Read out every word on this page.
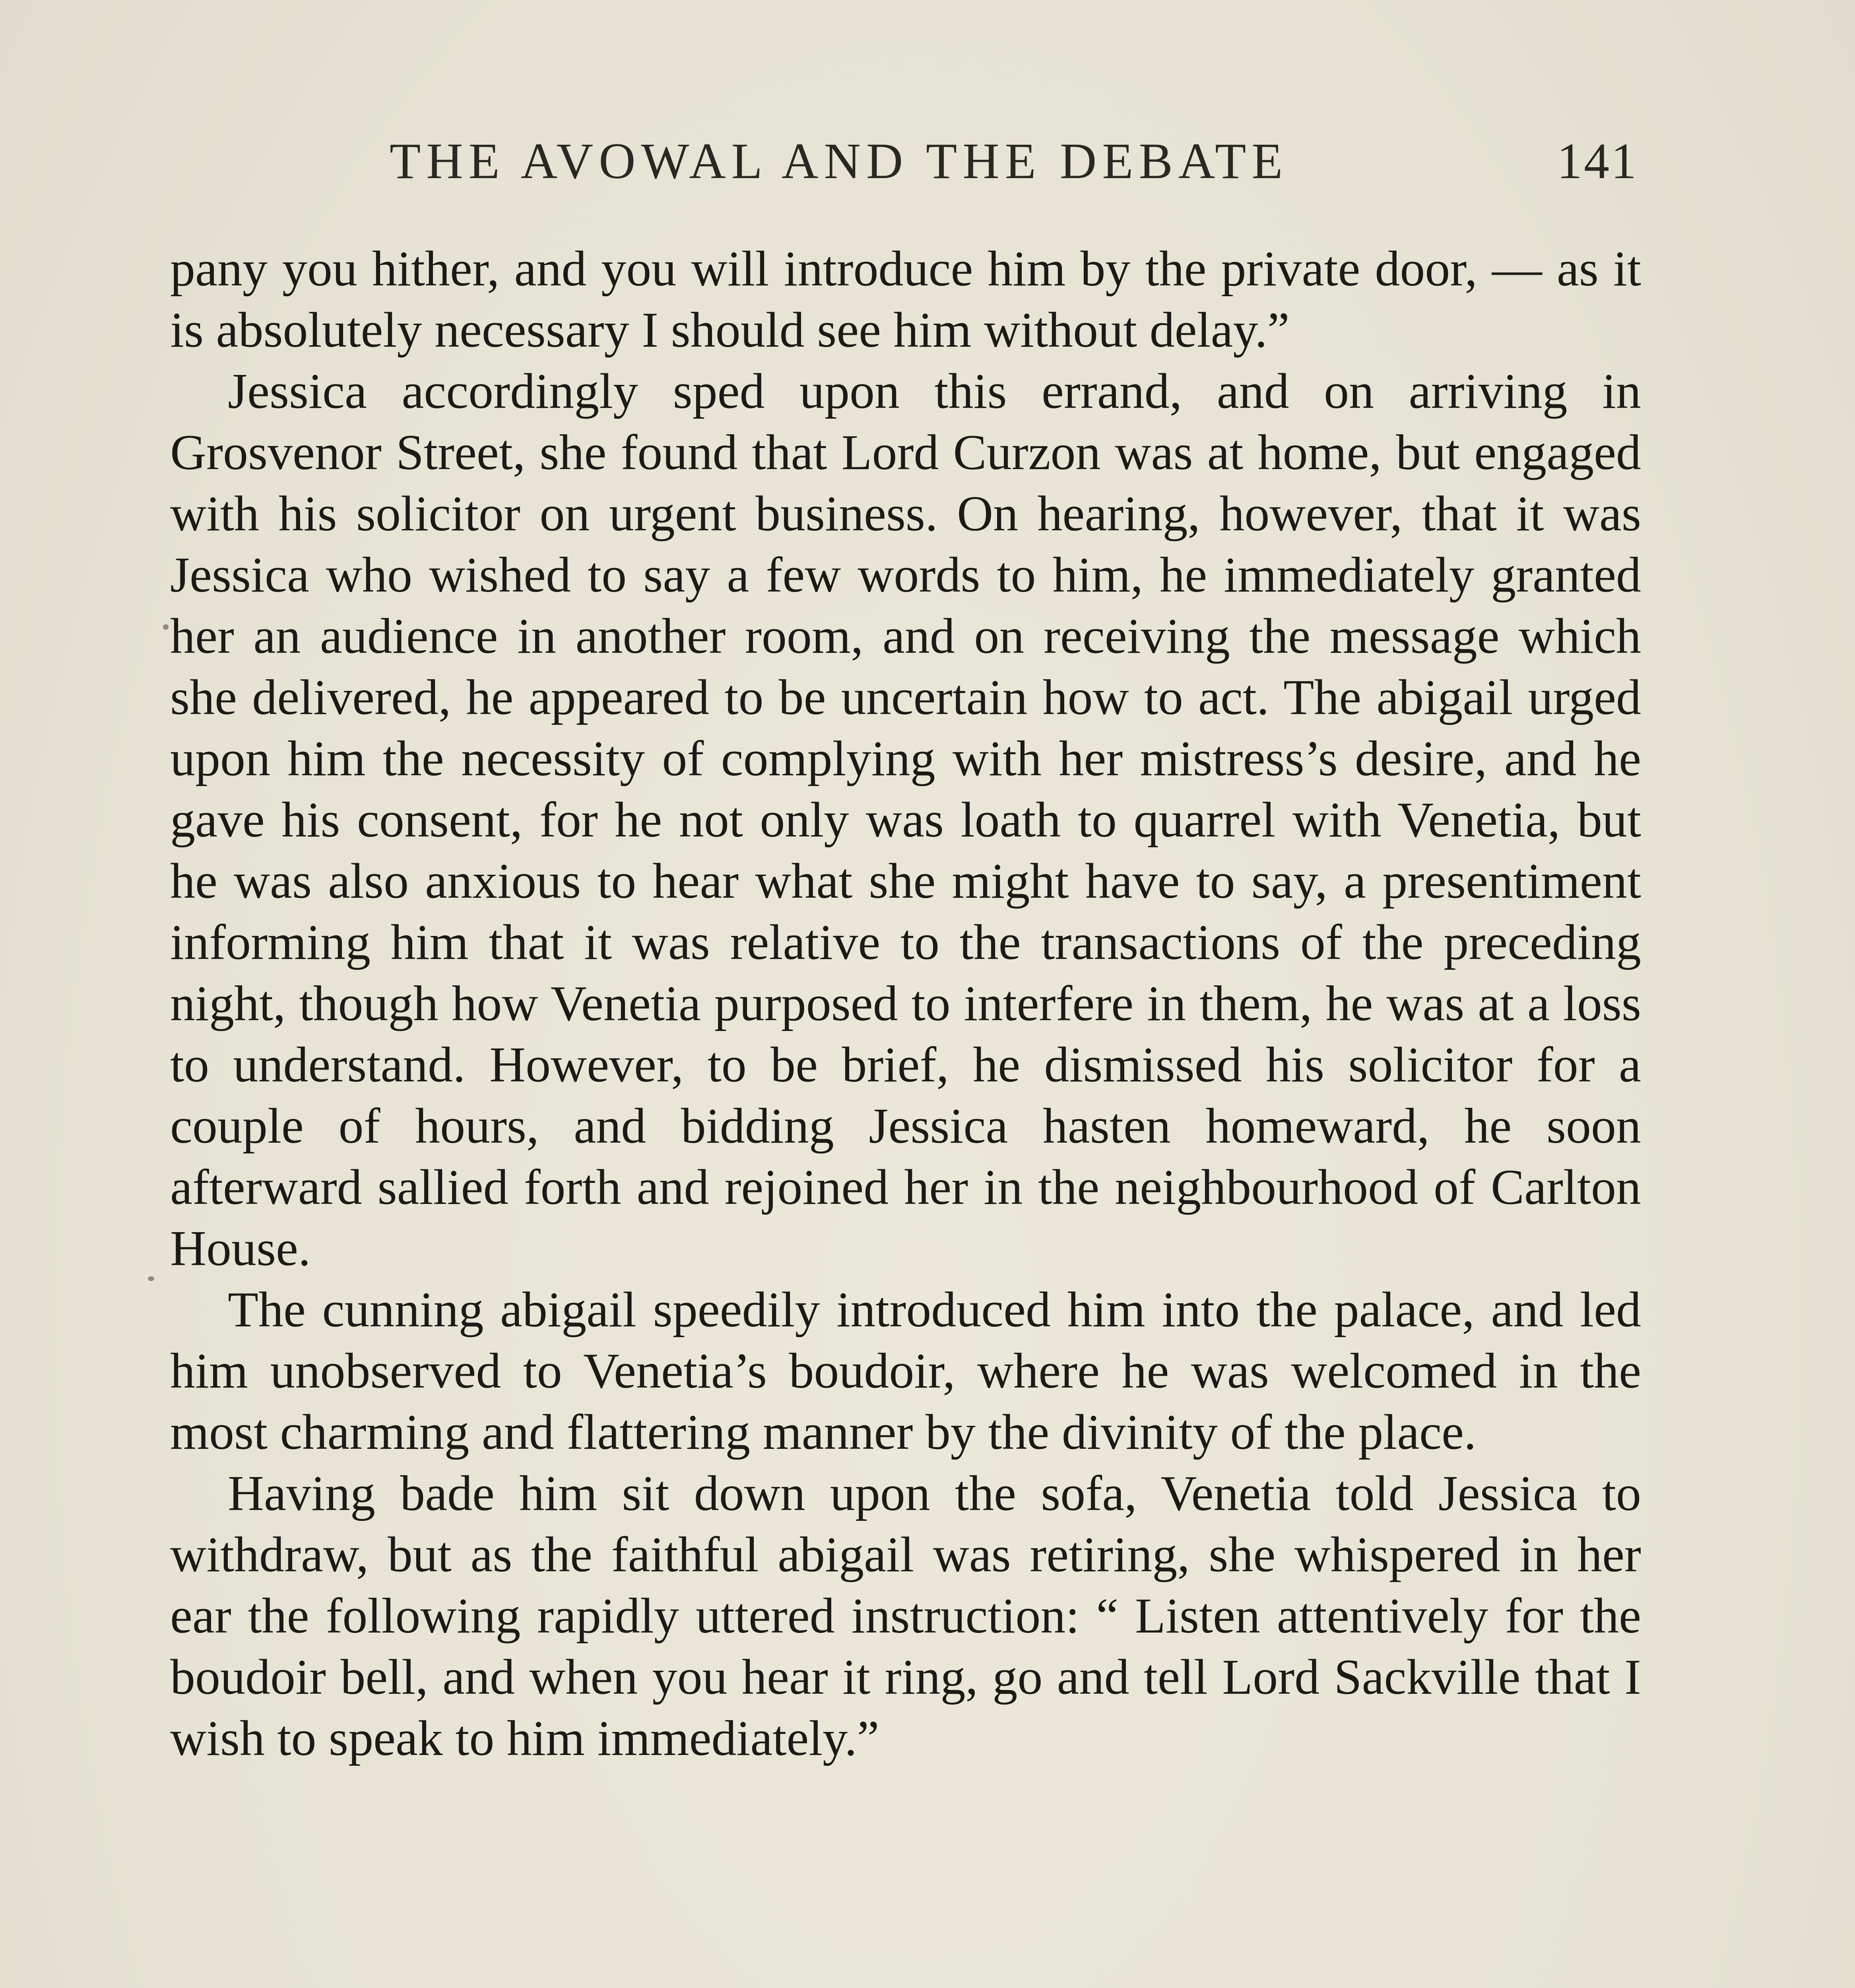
THE AVOWAL AND THE DEBATE	141

pany you hither, and you will introduce him by the private door, — as it is absolutely necessary I should see him without delay.”

Jessica accordingly sped upon this errand, and on arriving in Grosvenor Street, she found that Lord Curzon was at home, but engaged with his solicitor on urgent business. On hearing, however, that it was Jessica who wished to say a few words to him, he immediately granted her an audience in another room, and on receiving the message which she delivered, he appeared to be uncertain how to act. The abigail urged upon him the necessity of complying with her mistress’s desire, and he gave his consent, for he not only was loath to quarrel with Venetia, but he was also anxious to hear what she might have to say, a presentiment informing him that it was relative to the transactions of the preceding night, though how Venetia purposed to interfere in them, he was at a loss to understand. However, to be brief, he dismissed his solicitor for a couple of hours, and bidding Jessica hasten homeward, he soon afterward sallied forth and rejoined her in the neighbourhood of Carlton House.

The cunning abigail speedily introduced him into the palace, and led him unobserved to Venetia’s boudoir, where he was welcomed in the most charming and flattering manner by the divinity of the place.

Having bade him sit down upon the sofa, Venetia told Jessica to withdraw, but as the faithful abigail was retiring, she whispered in her ear the following rapidly uttered instruction: “ Listen attentively for the boudoir bell, and when you hear it ring, go and tell Lord Sackville that I wish to speak to him immediately.”
